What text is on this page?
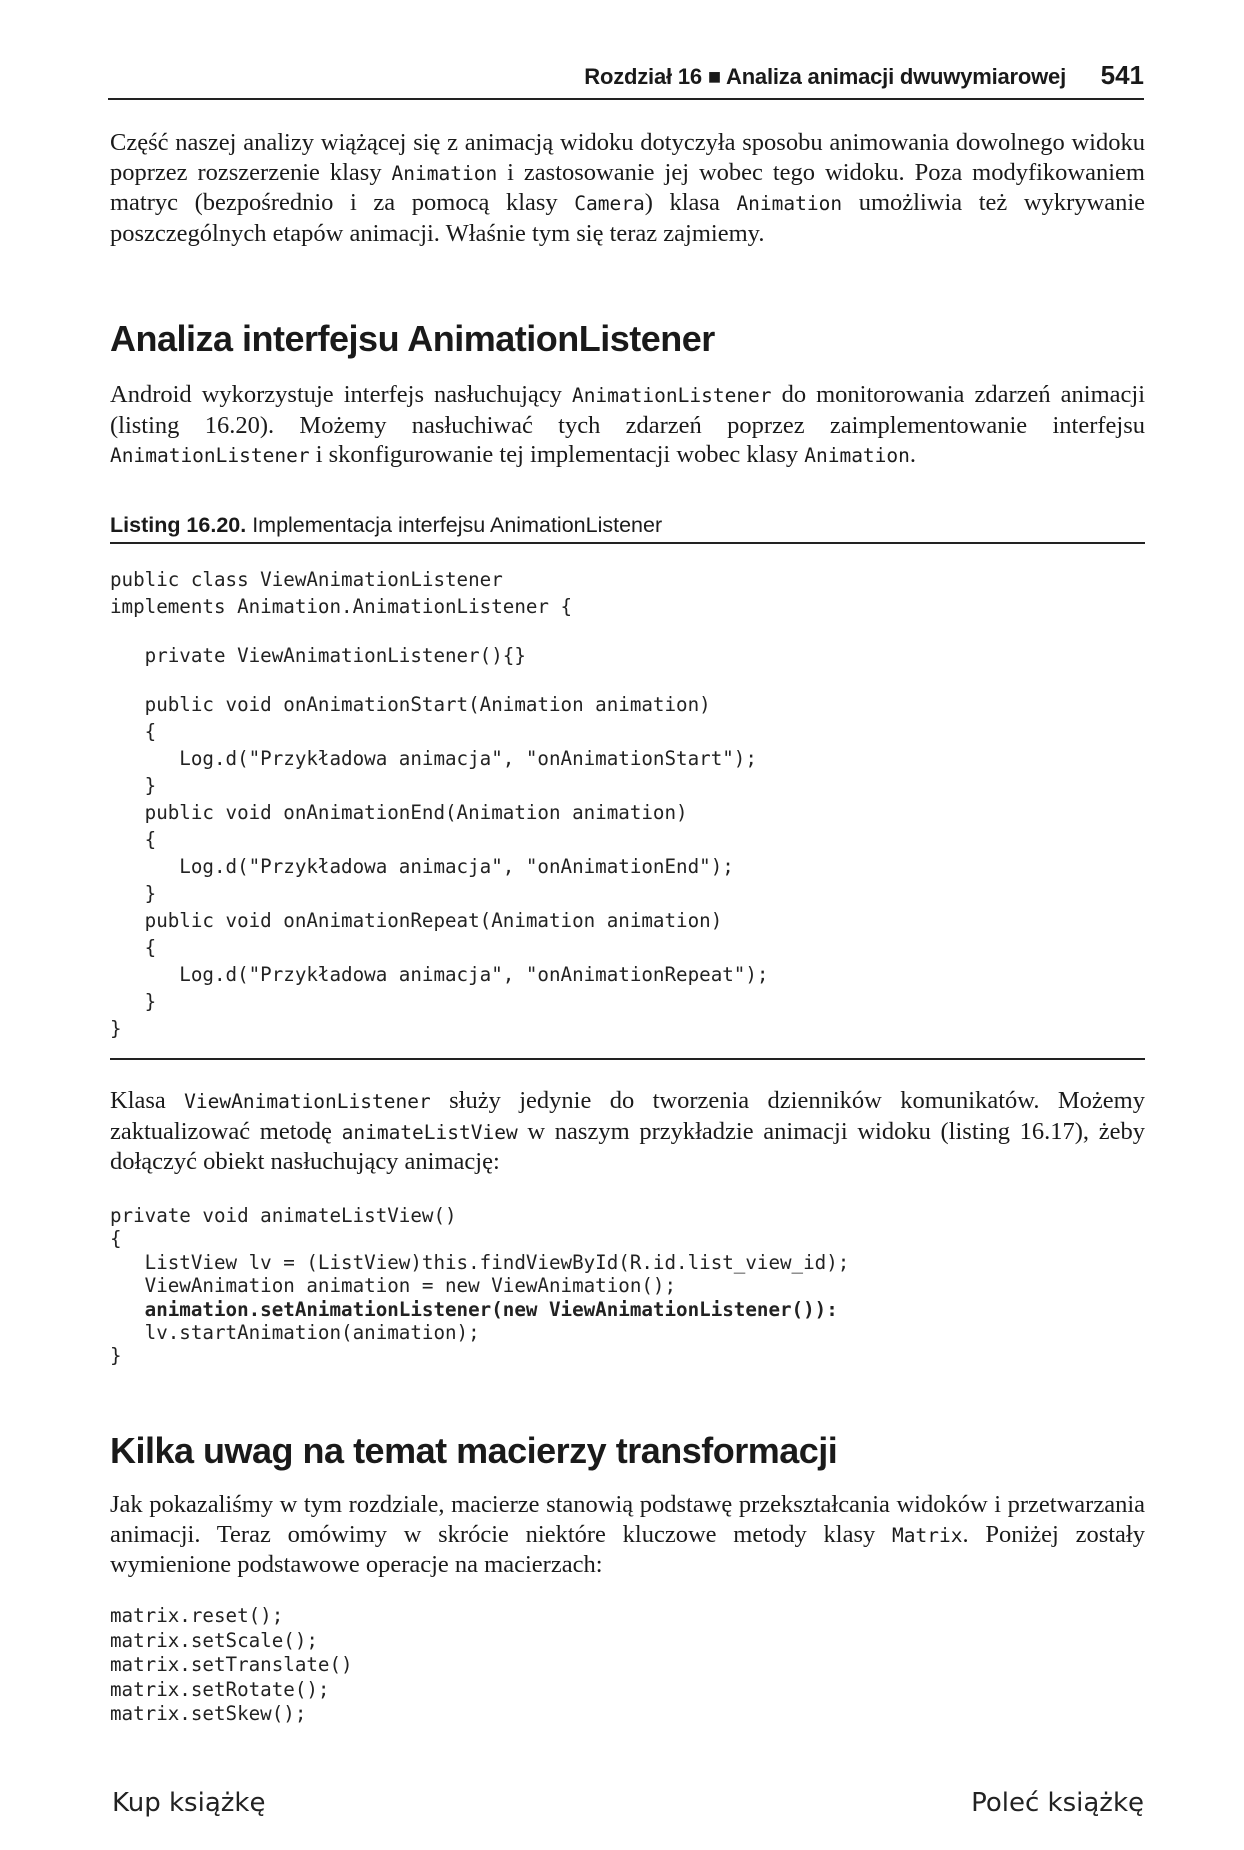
Rozdział 16 ■ Analiza animacji dwuwymiarowej 541

Część naszej analizy wiążącej się z animacją widoku dotyczyła sposobu animowania dowolnego widoku poprzez rozszerzenie klasy Animation i zastosowanie jej wobec tego widoku. Poza modyfikowaniem matryc (bezpośrednio i za pomocą klasy Camera) klasa Animation umożliwia też wykrywanie poszczególnych etapów animacji. Właśnie tym się teraz zajmiemy.

Analiza interfejsu AnimationListener

Android wykorzystuje interfejs nasłuchujący AnimationListener do monitorowania zdarzeń animacji (listing 16.20). Możemy nasłuchiwać tych zdarzeń poprzez zaimplementowanie interfejsu AnimationListener i skonfigurowanie tej implementacji wobec klasy Animation.

Listing 16.20. Implementacja interfejsu AnimationListener
public class ViewAnimationListener
implements Animation.AnimationListener {
private ViewAnimationListener(){}
public void onAnimationStart(Animation animation)
{
Log.d("Przykładowa animacja", "onAnimationStart");
}
public void onAnimationEnd(Animation animation)
{
Log.d("Przykładowa animacja", "onAnimationEnd");
}
public void onAnimationRepeat(Animation animation)
{
Log.d("Przykładowa animacja", "onAnimationRepeat");
}
}

Klasa ViewAnimationListener służy jedynie do tworzenia dzienników komunikatów. Możemy zaktualizować metodę animateListView w naszym przykładzie animacji widoku (listing 16.17), żeby dołączyć obiekt nasłuchujący animację:

private void animateListView()
{
ListView lv = (ListView)this.findViewById(R.id.list_view_id);
ViewAnimation animation = new ViewAnimation();
animation.setAnimationListener(new ViewAnimationListener()):
lv.startAnimation(animation);
}
Kilka uwag na temat macierzy transformacji

Jak pokazaliśmy w tym rozdziale, macierze stanowią podstawę przekształcania widoków i przetwarzania animacji. Teraz omówimy w skrócie niektóre kluczowe metody klasy Matrix. Poniżej zostały wymienione podstawowe operacje na macierzach:

matrix.reset();
matrix.setScale();
matrix.setTranslate()
matrix.setRotate();
matrix.setSkew();
Kup książkę	Poleć książkę
